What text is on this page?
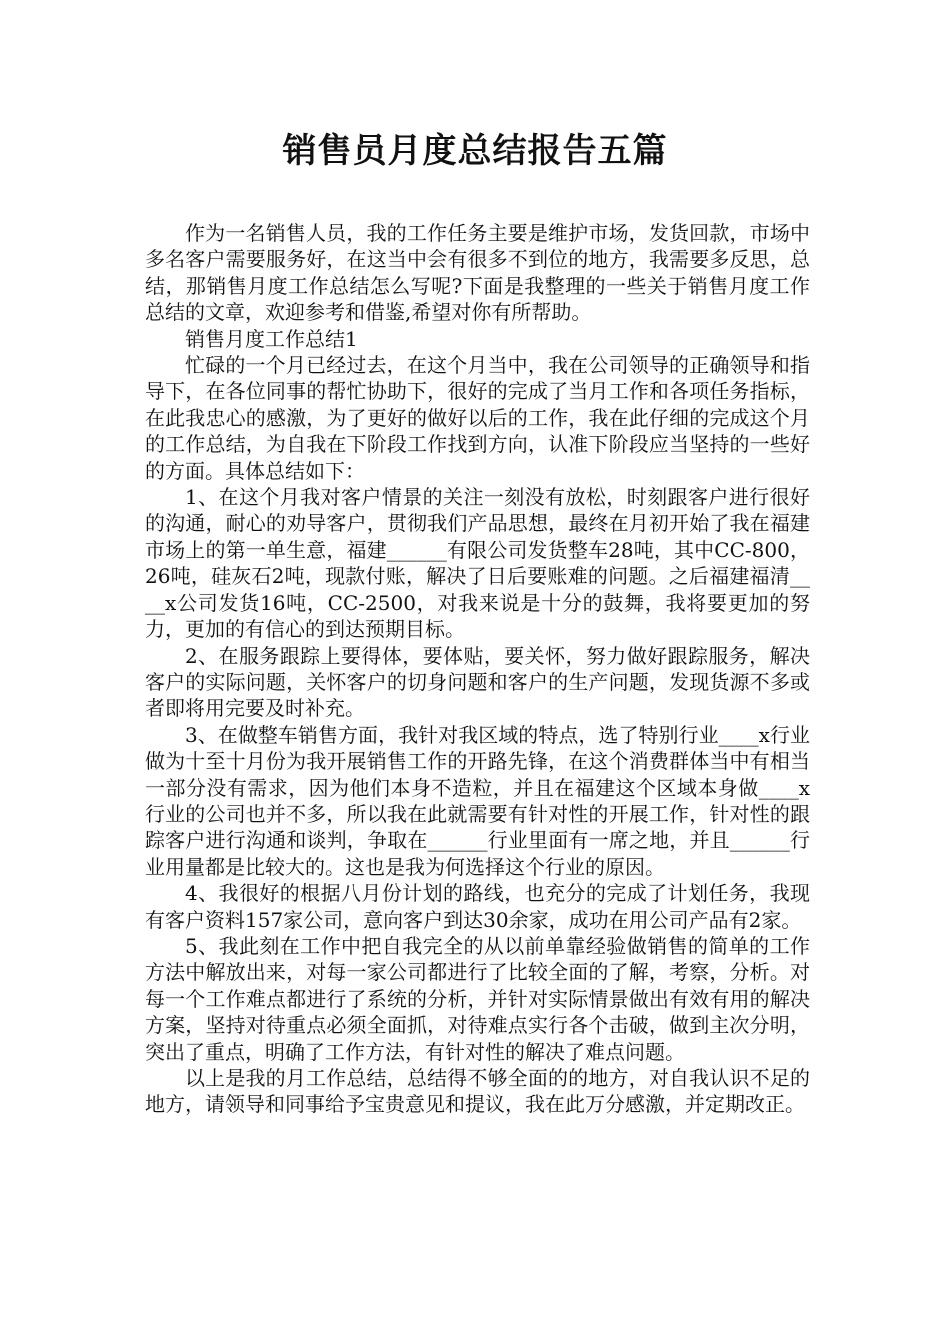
销售员月度总结报告五篇

作为一名销售人员，我的工作任务主要是维护市场，发货回款，市场中多名客户需要服务好，在这当中会有很多不到位的地方，我需要多反思，总结，那销售月度工作总结怎么写呢?下面是我整理的一些关于销售月度工作总结的文章，欢迎参考和借鉴,希望对你有所帮助。

销售月度工作总结1

忙碌的一个月已经过去，在这个月当中，我在公司领导的正确领导和指导下，在各位同事的帮忙协助下，很好的完成了当月工作和各项任务指标，在此我忠心的感激，为了更好的做好以后的工作，我在此仔细的完成这个月的工作总结，为自我在下阶段工作找到方向，认准下阶段应当坚持的一些好的方面。具体总结如下：

1、在这个月我对客户情景的关注一刻没有放松，时刻跟客户进行很好的沟通，耐心的劝导客户，贯彻我们产品思想，最终在月初开始了我在福建市场上的第一单生意，福建______有限公司发货整车28吨，其中CC-800，26吨，硅灰石2吨，现款付账，解决了日后要账难的问题。之后福建福清____x公司发货16吨，CC-2500，对我来说是十分的鼓舞，我将要更加的努力，更加的有信心的到达预期目标。

2、在服务跟踪上要得体，要体贴，要关怀，努力做好跟踪服务，解决客户的实际问题，关怀客户的切身问题和客户的生产问题，发现货源不多或者即将用完要及时补充。

3、在做整车销售方面，我针对我区域的特点，选了特别行业____x行业做为十至十月份为我开展销售工作的开路先锋，在这个消费群体当中有相当一部分没有需求，因为他们本身不造粒，并且在福建这个区域本身做____x行业的公司也并不多，所以我在此就需要有针对性的开展工作，针对性的跟踪客户进行沟通和谈判，争取在______行业里面有一席之地，并且______行业用量都是比较大的。这也是我为何选择这个行业的原因。

4、我很好的根据八月份计划的路线，也充分的完成了计划任务，我现有客户资料157家公司，意向客户到达30余家，成功在用公司产品有2家。

5、我此刻在工作中把自我完全的从以前单靠经验做销售的简单的工作方法中解放出来，对每一家公司都进行了比较全面的了解，考察，分析。对每一个工作难点都进行了系统的分析，并针对实际情景做出有效有用的解决方案，坚持对待重点必须全面抓，对待难点实行各个击破，做到主次分明，突出了重点，明确了工作方法，有针对性的解决了难点问题。

以上是我的月工作总结，总结得不够全面的的地方，对自我认识不足的地方，请领导和同事给予宝贵意见和提议，我在此万分感激，并定期改正。
